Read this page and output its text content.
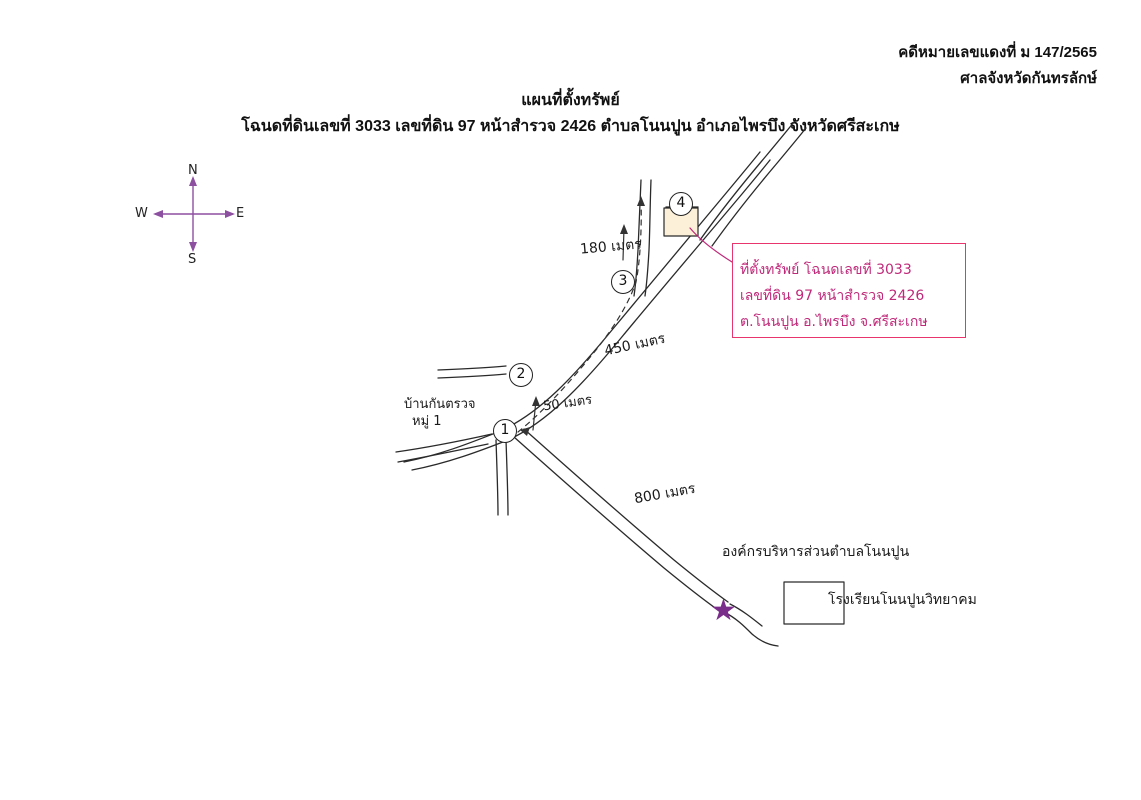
คดีหมายเลขแดงที่ ม 147/2565
ศาลจังหวัดกันทรลักษ์
แผนที่ตั้งทรัพย์
โฉนดที่ดินเลขที่ 3033 เลขที่ดิน 97 หน้าสำรวจ 2426 ตำบลโนนปูน อำเภอไพรบึง จังหวัดศรีสะเกษ
N
S
E
W
ที่ตั้งทรัพย์ โฉนดเลขที่ 3033
เลขที่ดิน 97 หน้าสำรวจ 2426
ต.โนนปูน อ.ไพรบึง จ.ศรีสะเกษ
1
2
3
4
180 เมตร
450 เมตร
50 เมตร
800 เมตร
บ้านกันตรวจ
หมู่ 1
องค์กรบริหารส่วนตำบลโนนปูน
โรงเรียนโนนปูนวิทยาคม
★
